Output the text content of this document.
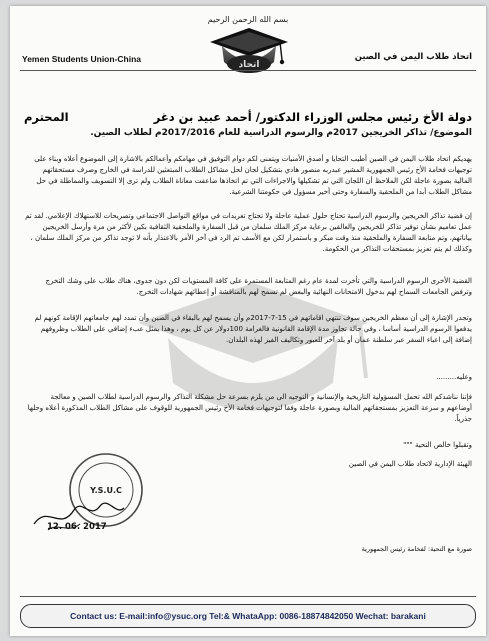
بسم الله الرحمن الرحيم
اتحاد
Yemen Students Union-China	اتحاد طلاب اليمن في الصين
دولة الأخ رئيس مجلس الوزراء الدكتور/ أحمد عبيد بن دغر
المحترم
الموضوع/ تذاكر الخريجين 2017م والرسوم الدراسية للعام 2017/2016م لطلاب الصين.
يهديكم اتحاد طلاب اليمن في الصين أطيب التحايا و أصدق الأمنيات ويتمنى لكم دوام التوفيق في مهامكم وأعمالكم بالاشارة إلى الموضوع أعلاه وبناء على توجيهات فخامة الأخ رئيس الجمهورية المشير عبدربه منصور هادي بتشكيل لجان لحل مشاكل الطلاب المبتعثين للدراسة في الخارج وصرف مستحقاتهم المالية بصورة عاجلة لكن الملاحظ أن اللجان التي تم تشكيلها والاجراءات التي تم اتخاذها ضاعفت معاناة الطلاب ولم ترى إلا التسويف والمماطلة في حل مشاكل الطلاب أبدا من الملحقية والسفارة وحتى أخير مسؤول في حكومتنا الشرعية.
إن قضية تذاكر الخريجين والرسوم الدراسية تحتاج حلول عملية عاجلة ولا تحتاج تغريدات في مواقع التواصل الاجتماعي وتصريحات للاستهلاك الإعلامي. لقد تم عمل تعاميم بشأن توفير تذاكر للخريجين والعالقين برعاية مركز الملك سلمان من قبل السفارة والملحقية الثقافية بكين لأكثر من مرة وأرسل الخريجين بياناتهم، وتم متابعة السفارة والملحقية منذ وقت مبكر و باستمرار لكن مع الأسف تم الرد في آخر الأمر بالاعتذار بأنه لا توجد تذاكر من مركز الملك سلمان ، وكذلك لم يتم تعزيز بمستحقات التذاكر من الحكومة.
القضية الأخرى الرسوم الدراسية والتي تأخرت لمدة عام رغم المتابعة المستمرة على كافة المستويات لكن دون جدوى، هناك طلاب على وشك التخرج وترفض الجامعات السماح لهم بدخول الامتحانات النهائية والبعض لم تسمح لهم بالمناقشة أو إعطائهم شهادات التخرج.
وتجدر الإشارة إلى أن معظم الخريجين سوف تنتهي اقاماتهم في 15-7-2017م وأن يسمح لهم بالبقاء في الصين وأن تمدد لهم جامعاتهم الإقامة كونهم لم يدفعوا الرسوم الدراسية أساسا ، وفي حالة تجاوز مدة الإقامة القانونية فالغرامة 100دولار عن كل يوم ، وهذا يمثل عبء إضافي على الطلاب وظروفهم إضافة إلى اعباء السفر عبر سلطنة عمان أو بلد آخر للعبور وتكاليف الفيز لهذه البلدان.
وعليه.........
فإننا نناشدكم الله تحمل المسؤولية التاريخية والإنسانية و التوجيه الى من يلزم بسرعة حل مشكلة التذاكر والرسوم الدراسية لطلاب الصين و معالجة أوضاعهم و سرعة التعزيز بمستحقاتهم المالية وبصورة عاجلة وفقا لتوجيهات فخامة الأخ رئيس الجمهورية للوقوف على مشاكل الطلاب المذكورة أعلاه وحلها جذرياً.
وتقبلوا خالص التحية """
الهيئة الإدارية لاتحاد طلاب اليمن في الصين
Y.S.U.C
12. 06. 2017
صورة مع التحية: لفخامة رئيس الجمهورية
Contact us: E-mail:info@ysuc.org Tel:& WhataApp: 0086-18874842050 Wechat: barakani
